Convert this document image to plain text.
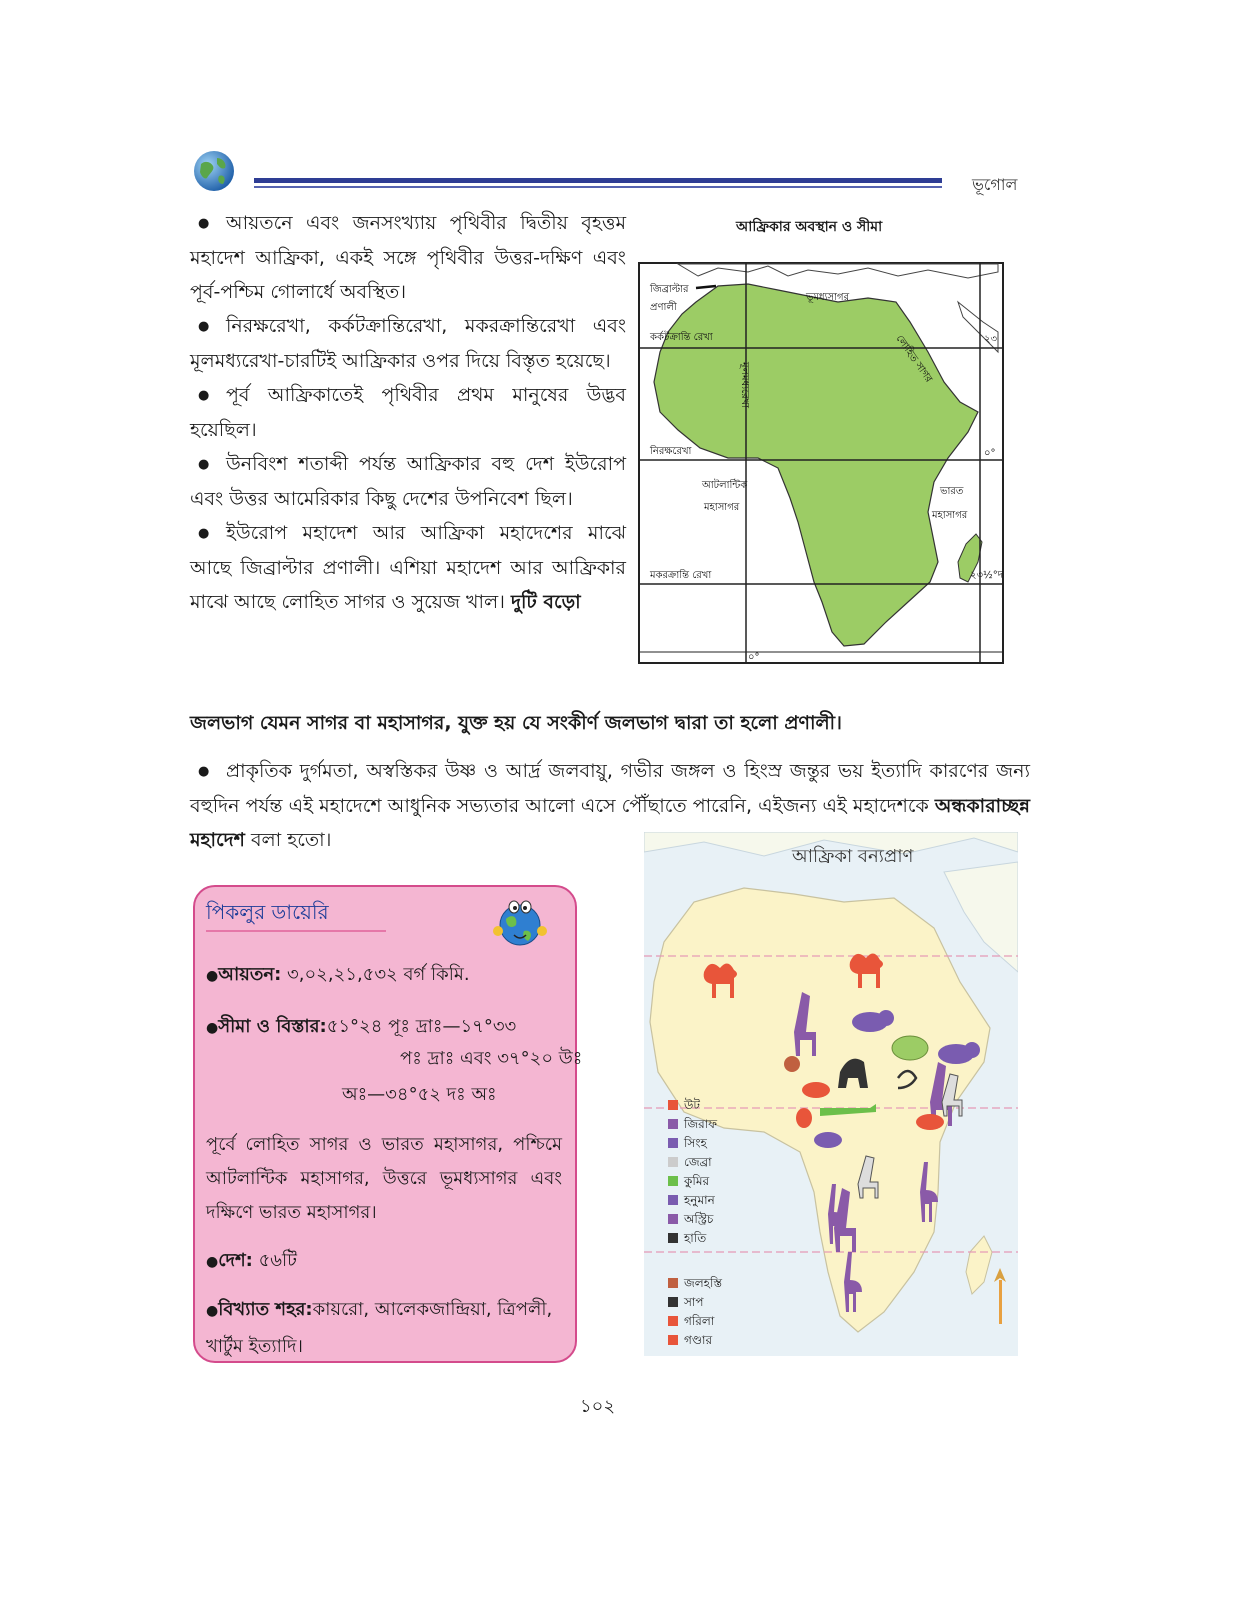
ভূগোল

● আয়তনে এবং জনসংখ্যায় পৃথিবীর দ্বিতীয় বৃহত্তম মহাদেশ আফ্রিকা, একই সঙ্গে পৃথিবীর উত্তর-দক্ষিণ এবং পূর্ব-পশ্চিম গোলার্ধে অবস্থিত।

● নিরক্ষরেখা, কর্কটক্রান্তিরেখা, মকরক্রান্তিরেখা এবং মূলমধ্যরেখা-চারটিই আফ্রিকার ওপর দিয়ে বিস্তৃত হয়েছে।

● পূর্ব আফ্রিকাতেই পৃথিবীর প্রথম মানুষের উদ্ভব হয়েছিল।

● উনবিংশ শতাব্দী পর্যন্ত আফ্রিকার বহু দেশ ইউরোপ এবং উত্তর আমেরিকার কিছু দেশের উপনিবেশ ছিল।

● ইউরোপ মহাদেশ আর আফ্রিকা মহাদেশের মাঝে আছে জিব্রাল্টার প্রণালী। এশিয়া মহাদেশ আর আফ্রিকার মাঝে আছে লোহিত সাগর ও সুয়েজ খাল। দুটি বড়ো

জলভাগ যেমন সাগর বা মহাসাগর, যুক্ত হয় যে সংকীর্ণ জলভাগ দ্বারা তা হলো প্রণালী।

● প্রাকৃতিক দুর্গমতা, অস্বস্তিকর উষ্ণ ও আর্দ্র জলবায়ু, গভীর জঙ্গল ও হিংস্র জন্তুর ভয় ইত্যাদি কারণের জন্য বহুদিন পর্যন্ত এই মহাদেশে আধুনিক সভ্যতার আলো এসে পৌঁছাতে পারেনি, এইজন্য এই মহাদেশকে অন্ধকারাচ্ছন্ন মহাদেশ বলা হতো।

আফ্রিকার অবস্থান ও সীমা
জিব্রাল্টার
প্রণালী
ভূমধ্যসাগর
কর্কটক্রান্তি রেখা
মূলমধ্যরেখা
লোহিত সাগর
নিরক্ষরেখা
আটলান্টিক
মহাসাগর
ভারত
মহাসাগর
মকরক্রান্তি রেখা
০°
০°
২৩
২৩½°দ
পিকলুর ডায়েরি
● আয়তন: ৩,০২,২১,৫৩২ বর্গ কিমি.
● সীমা ও বিস্তার:৫১°২৪ পূঃ দ্রাঃ—১৭°৩৩
পঃ দ্রাঃ এবং ৩৭°২০ উঃ
অঃ—৩৪°৫২ দঃ অঃ
পূর্বে লোহিত সাগর ও ভারত মহাসাগর, পশ্চিমে আটলান্টিক মহাসাগর, উত্তরে ভূমধ্যসাগর এবং দক্ষিণে ভারত মহাসাগর।
● দেশ: ৫৬টি
● বিখ্যাত শহর:কায়রো, আলেকজান্দ্রিয়া, ত্রিপলী, খার্টুম ইত্যাদি।
আফ্রিকা বন্যপ্রাণ
উট
জিরাফ
সিংহ
জেব্রা
কুমির
হনুমান
অস্ট্রিচ
হাতি
জলহস্তি
সাপ
গরিলা
গণ্ডার
১০২
